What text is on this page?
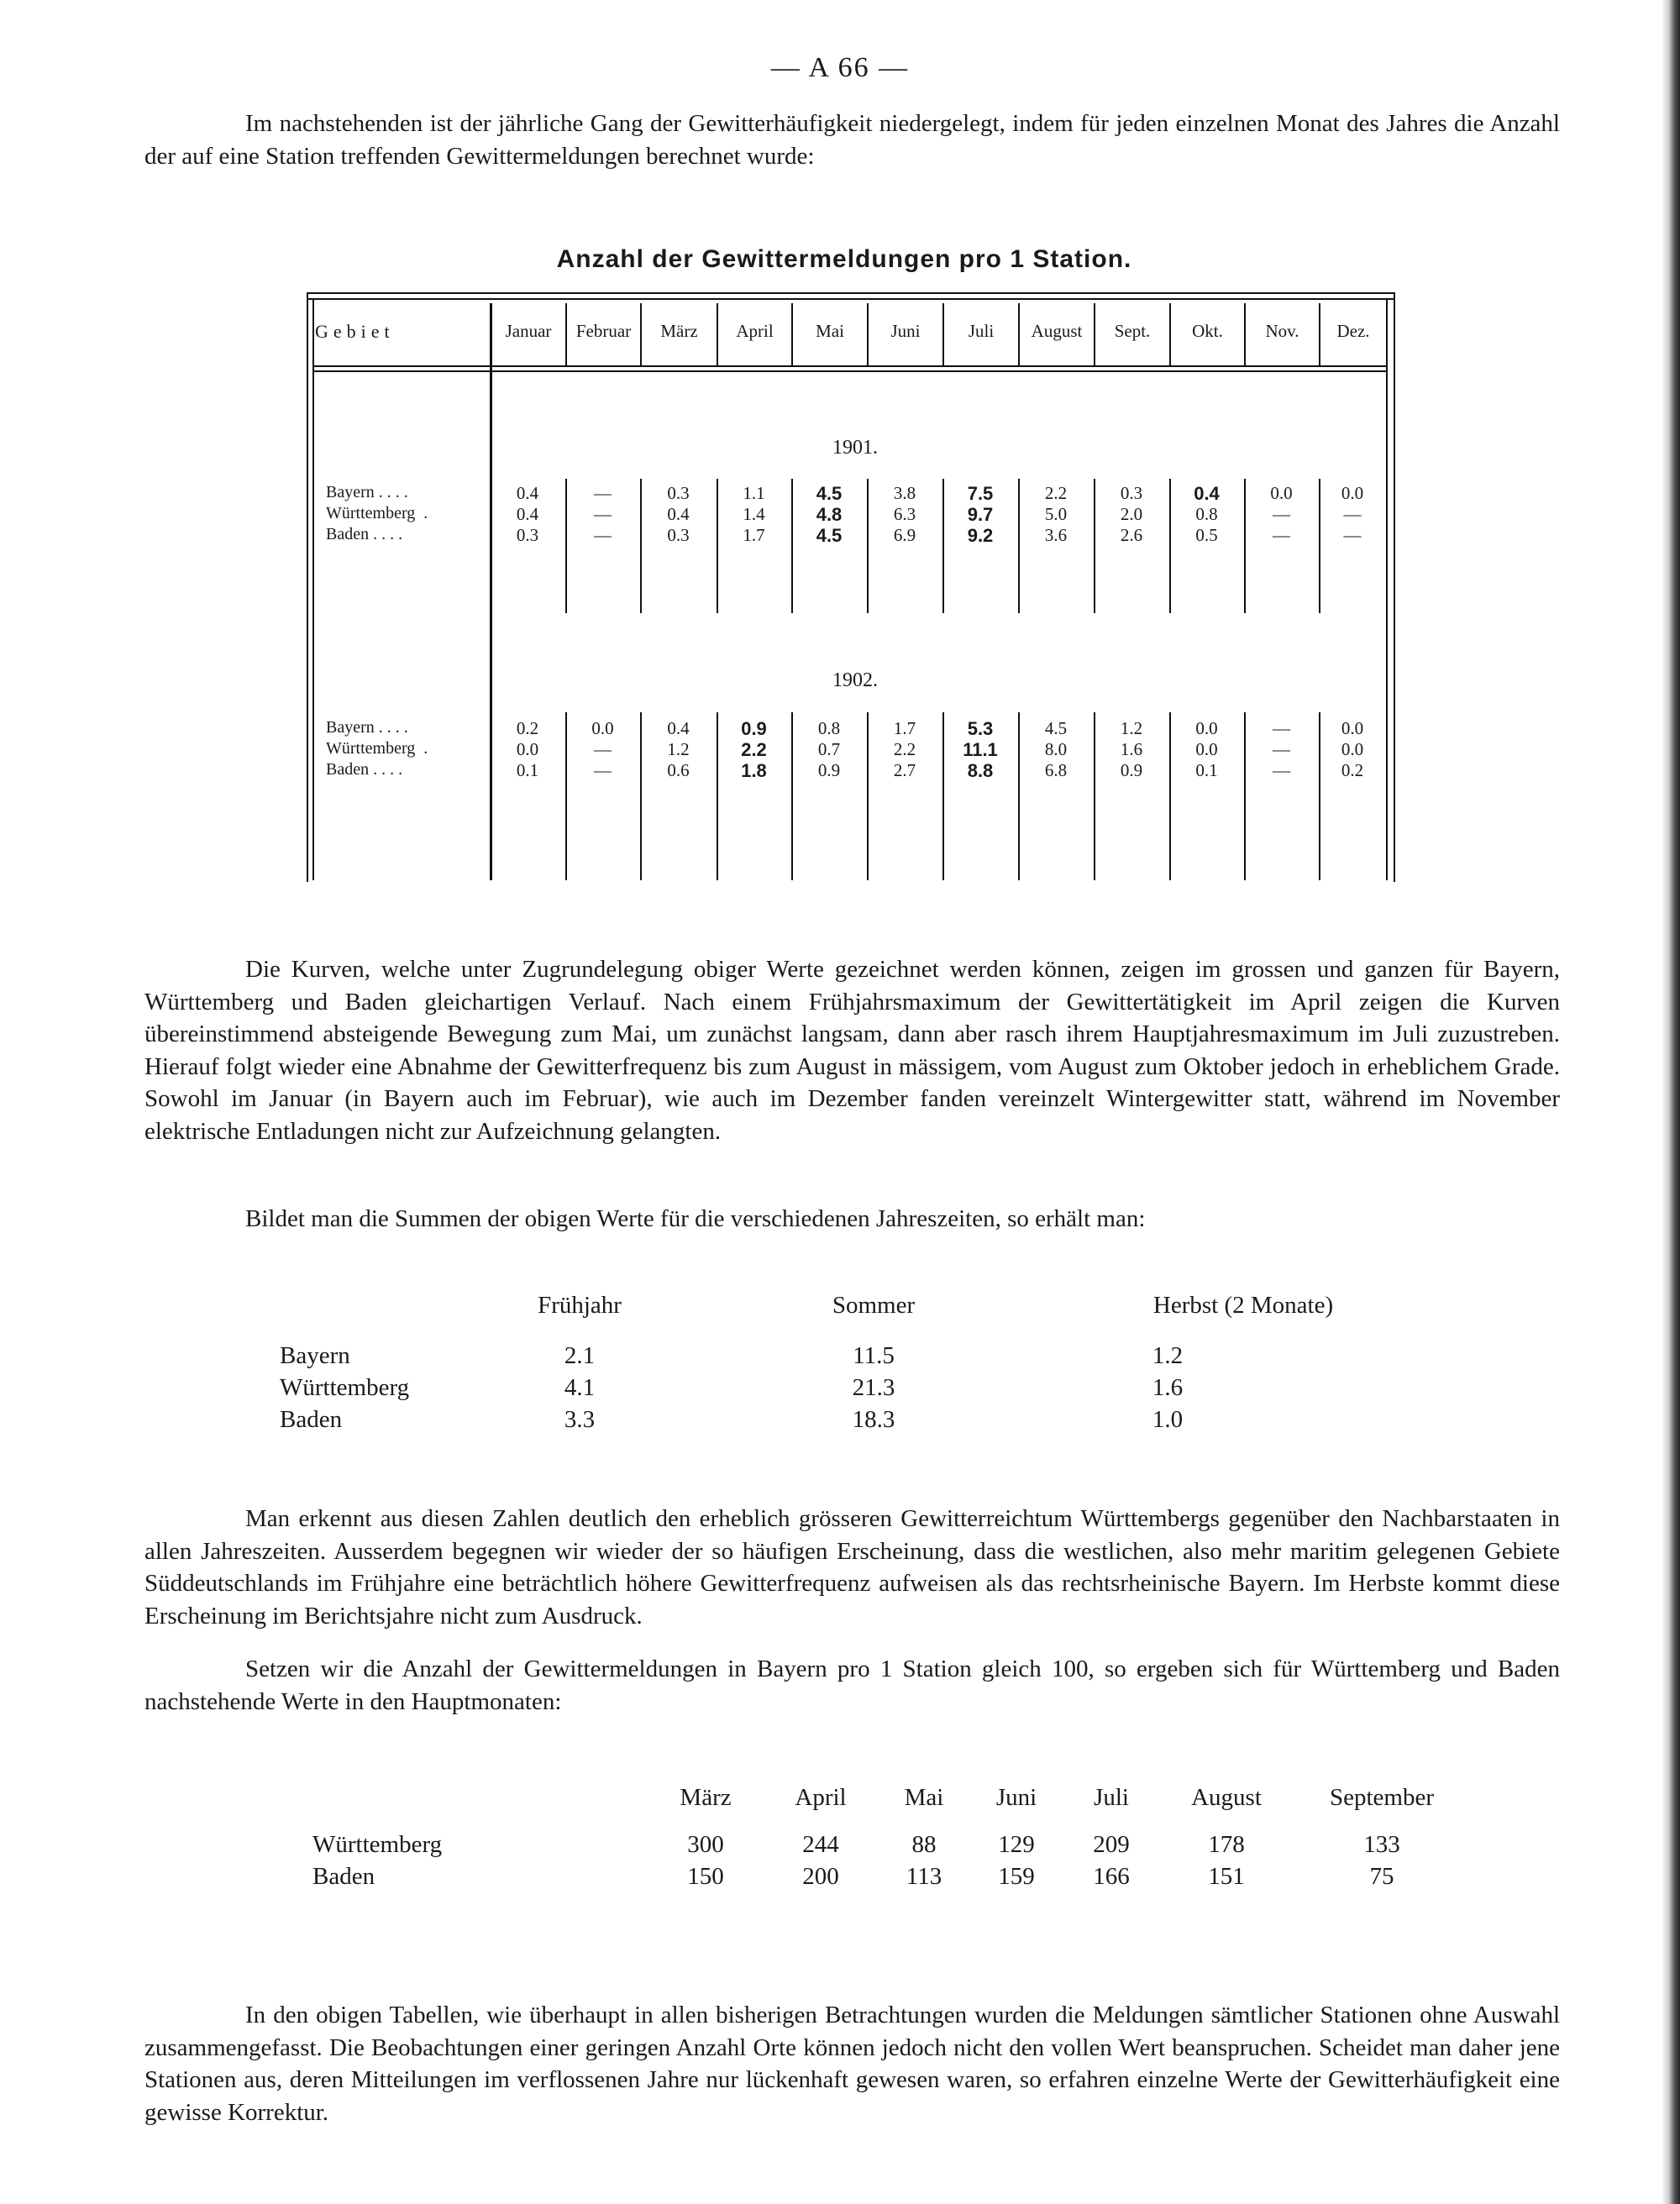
— A 66 —
Im nachstehenden ist der jährliche Gang der Gewitterhäufigkeit niedergelegt, indem für jeden einzelnen Monat des Jahres die Anzahl der auf eine Station treffenden Gewittermeldungen berechnet wurde:
Anzahl der Gewittermeldungen pro 1 Station.
Gebiet	Januar	Februar	März	April	Mai	Juni	Juli	August	Sept.	Okt.	Nov.	Dez.
1901.
Bayern . . . .	0.4	—	0.3	1.1	4.5	3.8	7.5	2.2	0.3	0.4	0.0	0.0
Württemberg  .	0.4	—	0.4	1.4	4.8	6.3	9.7	5.0	2.0	0.8	—	—
Baden . . . .	0.3	—	0.3	1.7	4.5	6.9	9.2	3.6	2.6	0.5	—	—
1902.
Bayern . . . .	0.2	0.0	0.4	0.9	0.8	1.7	5.3	4.5	1.2	0.0	—	0.0
Württemberg  .	0.0	—	1.2	2.2	0.7	2.2	11.1	8.0	1.6	0.0	—	0.0
Baden . . . .	0.1	—	0.6	1.8	0.9	2.7	8.8	6.8	0.9	0.1	—	0.2
Die Kurven, welche unter Zugrundelegung obiger Werte gezeichnet werden können, zeigen im grossen und ganzen für Bayern, Württemberg und Baden gleichartigen Verlauf. Nach einem Frühjahrsmaximum der Gewittertätigkeit im April zeigen die Kurven übereinstimmend absteigende Bewegung zum Mai, um zunächst langsam, dann aber rasch ihrem Hauptjahresmaximum im Juli zuzustreben. Hierauf folgt wieder eine Abnahme der Gewitterfrequenz bis zum August in mässigem, vom August zum Oktober jedoch in erheblichem Grade. Sowohl im Januar (in Bayern auch im Februar), wie auch im Dezember fanden vereinzelt Wintergewitter statt, während im November elektrische Entladungen nicht zur Aufzeichnung gelangten.
Bildet man die Summen der obigen Werte für die verschiedenen Jahreszeiten, so erhält man:
Frühjahr	Sommer	Herbst (2 Monate)
Bayern	2.1	11.5	1.2
Württemberg	4.1	21.3	1.6
Baden	3.3	18.3	1.0
Man erkennt aus diesen Zahlen deutlich den erheblich grösseren Gewitterreichtum Württembergs gegenüber den Nachbarstaaten in allen Jahreszeiten. Ausserdem begegnen wir wieder der so häufigen Erscheinung, dass die westlichen, also mehr maritim gelegenen Gebiete Süddeutschlands im Frühjahre eine beträchtlich höhere Gewitterfrequenz aufweisen als das rechtsrheinische Bayern. Im Herbste kommt diese Erscheinung im Berichtsjahre nicht zum Ausdruck.
Setzen wir die Anzahl der Gewittermeldungen in Bayern pro 1 Station gleich 100, so ergeben sich für Württemberg und Baden nachstehende Werte in den Hauptmonaten:
März	April	Mai	Juni	Juli	August	September
Württemberg	300	244	88	129	209	178	133
Baden	150	200	113	159	166	151	75
In den obigen Tabellen, wie überhaupt in allen bisherigen Betrachtungen wurden die Meldungen sämtlicher Stationen ohne Auswahl zusammengefasst. Die Beobachtungen einer geringen Anzahl Orte können jedoch nicht den vollen Wert beanspruchen. Scheidet man daher jene Stationen aus, deren Mitteilungen im verflossenen Jahre nur lückenhaft gewesen waren, so erfahren einzelne Werte der Gewitterhäufigkeit eine gewisse Korrektur.
